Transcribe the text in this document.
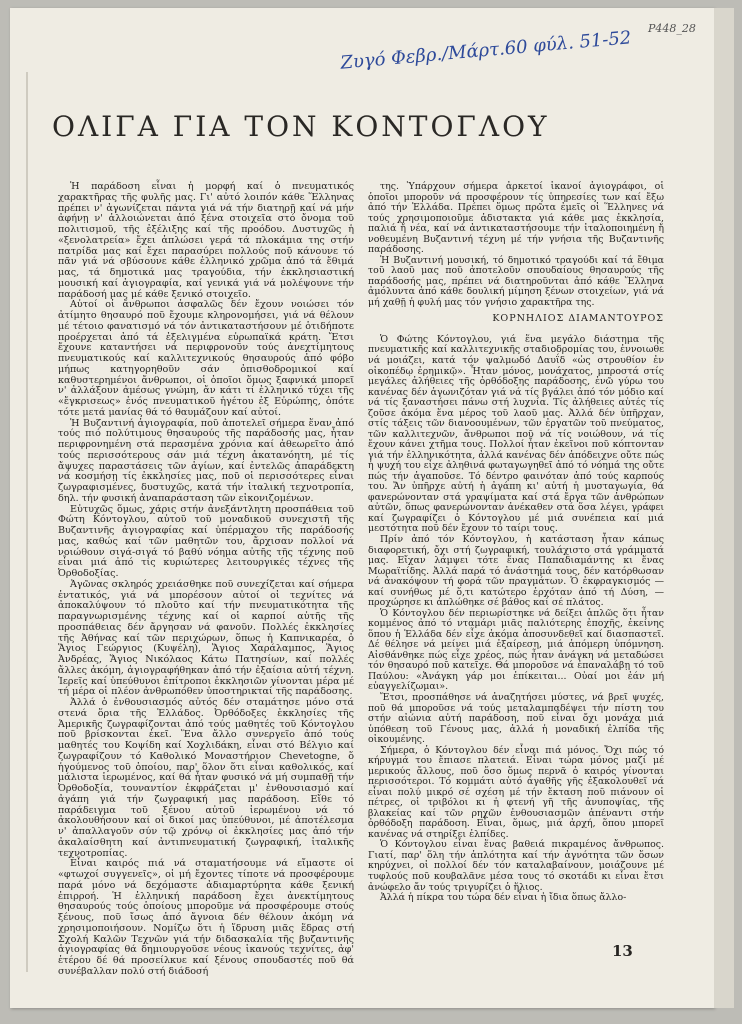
Ρ448_28
Ζυγό Φεβρ./Μάρτ.60 φύλ. 51-52
ΟΛΙΓΑ ΓΙΑ ΤΟΝ ΚΟΝΤΟΓΛΟΥ

Ἡ παράδοση εἶναι ἡ μορφή καί ὁ πνευματικός χαρακτῆρας τῆς φυλῆς μας. Γι' αὐτό λοιπόν κάθε Ἕλληνας πρέπει ν' ἀγωνίζεται πάντα γιά νά τήν διατηρῇ καί νά μήν ἀφήνῃ ν' ἀλλοιώνεται ἀπό ξένα στοιχεῖα στό ὄνομα τοῦ πολιτισμοῦ, τῆς ἐξέλιξης καί τῆς προόδου. Δυστυχῶς ἡ «ξενολατρεία» ἔχει ἁπλώσει γερά τά πλοκάμια της στήν πατρίδα μας καί ἔχει παρασύρει πολλούς ποῦ κάνουνε τό πᾶν γιά νά σβύσουνε κάθε ἑλληνικό χρῶμα ἀπό τά ἔθιμά μας, τά δημοτικά μας τραγούδια, τήν ἐκκλησιαστική μουσική καί ἁγιογραφία, καί γενικά γιά νά μολέψουνε τήν παράδοσή μας μέ κάθε ξενικό στοιχεῖο.

Αὐτοί οἱ ἄνθρωποι ἀσφαλῶς δέν ἔχουν νοιώσει τόν ἀτίμητο θησαυρό ποῦ ἔχουμε κληρονομήσει, γιά νά θέλουν μέ τέτοιο φανατισμό νά τόν ἀντικαταστήσουν μέ ὁτιδήποτε προέρχεται ἀπό τά ἐξελιγμένα εὐρωπαϊκά κράτη. Ἔτσι ἔχουνε καταντήσει νά περιφρονοῦν τούς ἀνεχτίμητους πνευματικούς καί καλλιτεχνικούς θησαυρούς ἀπό φόβο μήπως κατηγορηθοῦν σάν ὀπισθοδρομικοί καί καθυστερημένοι ἄνθρωποι, οἱ ὁποῖοι ὅμως ξαφνικά μπορεῖ ν' ἀλλάξουν ἀμέσως γνώμη, ἄν κάτι τί ἑλληνικό τύχει τῆς «ἔγκρισεως» ἑνός πνευματικοῦ ἡγέτου ἐξ Εὐρώπης, ὁπότε τότε μετά μανίας θά τό θαυμάζουν καί αὐτοί.

Ἡ Βυζαντινή ἁγιογραφία, ποῦ ἀποτελεῖ σήμερα ἕναν ἀπό τούς πιό πολύτιμους θησαυρούς τῆς παράδοσής μας, ἦταν περιφρονημένη στά περασμένα χρόνια καί ἀθεωρεῖτο ἀπό τούς περισσότερους σάν μιά τέχνη ἀκατανόητη, μέ τίς ἄψυχες παραστάσεις τῶν ἁγίων, καί ἐντελῶς ἀπαράδεκτη νά κοσμήσῃ τίς ἐκκλησίες μας, ποῦ οἱ περισσότερες εἶναι ζωγραφισμένες, δυστυχῶς, κατά τήν ἰταλική τεχνοτροπία, δηλ. τήν φυσική ἀναπαράσταση τῶν εἰκονιζομένων.

Εὐτυχῶς ὅμως, χάρις στήν ἀνεξάντλητη προσπάθεια τοῦ Φώτη Κόντογλου, αὐτοῦ τοῦ μοναδικοῦ συνεχιστῆ τῆς Βυζαντινῆς ἁγιογραφίας καί ὑπέρμαχου τῆς παράδοσής μας, καθώς καί τῶν μαθητῶν του, ἄρχισαν πολλοί νά νοιώθουν σιγά-σιγά τό βαθύ νόημα αὐτῆς τῆς τέχνης ποῦ εἶναι μιά ἀπό τίς κυριώτερες λειτουργικές τέχνες τῆς Ὀρθοδοξίας.

Ἀγῶνας σκληρός χρειάσθηκε ποῦ συνεχίζεται καί σήμερα ἐντατικός, γιά νά μπορέσουν αὐτοί οἱ τεχνίτες νά ἀποκαλύψουν τό πλοῦτο καί τήν πνευματικότητα τῆς παραγνωρισμένης τέχνης καί οἱ καρποί αὐτῆς τῆς προσπάθειας δέν ἄργησαν νά φανοῦν. Πολλές ἐκκλησίες τῆς Ἀθήνας καί τῶν περιχώρων, ὅπως ἡ Καπνικαρέα, ὁ Ἅγιος Γεώργιος (Κυψέλη), Ἅγιος Χαράλαμπος, Ἅγιος Ἀνδρέας, Ἅγιος Νικόλαος Κάτω Πατησίων, καί πολλές ἄλλες ἀκόμη, ἁγιογραφήθηκαν ἀπό τήν ἐξαίσια αὐτή τέχνη. Ἱερεῖς καί ὑπεύθυνοι ἐπίτροποι ἐκκλησιῶν γίνονται μέρα μέ τή μέρα οἱ πλέον ἀνθρωπόθεν ὑποστηρικταί τῆς παράδοσης.

Ἀλλά ὁ ἐνθουσιασμός αὐτός δέν σταμάτησε μόνο στά στενά ὅρια τῆς Ἑλλάδος. Ὀρθόδοξες ἐκκλησίες τῆς Ἀμερικῆς ζωγραφίζονται ἀπό τούς μαθητές τοῦ Κόντογλου ποῦ βρίσκονται ἐκεῖ. Ἕνα ἄλλο συνεργεῖο ἀπό τούς μαθητές του Κοψίδη καί Χοχλιδάκη, εἶναι στό Βέλγιο καί ζωγραφίζουν τό Καθολικό Μοναστήριον Chevetogne, ὅ ἡγούμενος τοῦ ὁποίου, παρ' ὅλον ὅτι εἶναι καθολικός, καί μάλιστα ἱερωμένος, καί θά ἦταν φυσικό νά μή συμπαθῇ τήν Ὀρθοδοξία, τουναντίον ἐκφράζεται μ' ἐνθουσιασμό καί ἀγάπη γιά τήν ζωγραφική μας παράδοση. Εἴθε τό παράδειγμα τοῦ ξένου αὐτοῦ ἱερωμένου νά τό ἀκολουθήσουν καί οἱ δικοί μας ὑπεύθυνοι, μέ ἀποτέλεσμα ν' ἀπαλλαγοῦν σύν τῷ χρόνῳ οἱ ἐκκλησίες μας ἀπό τήν ἀκαλαίσθητη καί ἀντιπνευματική ζωγραφική, ἰταλικῆς τεχνοτροπίας.

Εἶναι καιρός πιά νά σταματήσουμε νά εἴμαστε οἱ «φτωχοί συγγενεῖς», οἱ μή ἔχοντες τίποτε νά προσφέρουμε παρά μόνο νά δεχόμαστε ἀδιαμαρτύρητα κάθε ξενική ἐπιρροή. Ἡ ἑλληνική παράδοση ἔχει ἀνεκτίμητους θησαυρούς τούς ὁποίους μποροῦμε νά προσφέρουμε στούς ξένους, ποῦ ἴσως ἀπό ἄγνοια δέν θέλουν ἀκόμη νά χρησιμοποιήσουν. Νομίζω ὅτι ἡ ἵδρυση μιᾶς ἕδρας στή Σχολή Καλῶν Τεχνῶν γιά τήν διδασκαλία τῆς βυζαντινῆς ἁγιογραφίας θά δημιουργοῦσε νέους ἱκανούς τεχνίτες, ἀφ' ἑτέρου δέ θά προσείλκυε καί ξένους σπουδαστές ποῦ θά συνέβαλλαν πολύ στή διάδοσή

της. Ὑπάρχουν σήμερα ἀρκετοί ἱκανοί ἁγιογράφοι, οἱ ὁποῖοι μποροῦν νά προσφέρουν τίς ὑπηρεσίες των καί ἔξω ἀπό τήν Ἑλλάδα. Πρέπει ὅμως πρῶτα ἐμεῖς οἱ Ἕλληνες νά τούς χρησιμοποιοῦμε ἀδιστακτα γιά κάθε μας ἐκκλησία, παλιά ἤ νέα, καί νά ἀντικαταστήσουμε τήν ἰταλοποιημένη ἤ νοθευμένη Βυζαντινή τέχνη μέ τήν γνήσια τῆς Βυζαντινῆς παράδοσης.

Ἡ Βυζαντινή μουσική, τό δημοτικό τραγούδι καί τά ἔθιμα τοῦ λαοῦ μας ποῦ ἀποτελοῦν σπουδαίους θησαυρούς τῆς παράδοσής μας, πρέπει νά διατηροῦνται ἀπό κάθε Ἕλληνα ἀμόλυντα ἀπό κάθε δουλική μίμηση ξένων στοιχείων, γιά νά μή χαθῇ ἡ φυλή μας τόν γνήσιο χαρακτῆρα της.

ΚΟΡΝΗΛΙΟΣ ΔΙΑΜΑΝΤΟΥΡΟΣ

Ὁ Φώτης Κόντογλου, γιά ἕνα μεγάλο διάστημα τῆς πνευματικῆς καί καλλιτεχνικῆς σταδιοδρομίας του, ἐννοιωθε νά μοιάζει, κατά τόν ψαλμωδό Δαυΐδ «ὡς στρουθίον ἐν οἰκοπέδῳ ἐρημικῷ». Ἦταν μόνος, μονάχατος, μπροστά στίς μεγάλες ἀλήθειες τῆς ὀρθόδοξης παράδοσης, ἐνῶ γύρω του κανένας δέν ἀγωνιζόταν γιά νά τίς βγάλει ἀπό τόν μόδιο καί νά τίς ξαναστήσει πάνω στή λυχνία. Τίς ἀλήθειες αὐτές τίς ζοῦσε ἀκόμα ἕνα μέρος τοῦ λαοῦ μας. Ἀλλά δέν ὑπῆρχαν, στίς τάξεις τῶν διανοουμένων, τῶν ἐργατῶν τοῦ πνεύματος, τῶν καλλιτεχνῶν, ἄνθρωποι ποῦ νά τίς νοιώθουν, νά τίς ἔχουν κάνει χτῆμα τους. Πολλοί ἦταν ἐκεῖνοι ποῦ κόπτονταν γιά τήν ἑλληνικότητα, ἀλλά κανένας δέν ἀπόδειχνε οὔτε πώς ἡ ψυχή του εἶχε ἀληθινά φωταγωγηθεῖ ἀπό τό νόημά της οὔτε πώς τήν ἀγαποῦσε. Τό δέντρο φαινόταν ἀπό τούς καρπούς του. Ἄν ὑπῆρχε αὐτή ἡ ἀγάπη κι' αὐτή ἡ μυσταγωγία, θά φανερώνονταν στά γραψίματα καί στά ἔργα τῶν ἀνθρώπων αὐτῶν, ὅπως φανερώνονταν ἀνέκαθεν στά ὅσα λέγει, γράφει καί ζωγραφίζει ὁ Κόντογλου μέ μιά συνέπεια καί μιά μεστότητα ποῦ δέν ἔχουν τό ταίρι τους.

Πρίν ἀπό τόν Κόντογλου, ἡ κατάσταση ἦταν κάπως διαφορετική, ὄχι στή ζωγραφική, τουλάχιστο στά γράμματά μας. Εἴχαν λάμψει τότε ἕνας Παπαδιαμάντης κι ἕνας Μωραϊτίδης. Ἀλλά παρά τό ἀνάστημά τους, δέν κατόρθωσαν νά ἀνακόψουν τή φορά τῶν πραγμάτων. Ὁ ἐκφραγκισμός — καί συνήθως μέ ὅ,τι κατώτερο ἐρχόταν ἀπό τή Δύση, — προχώρησε κι ἁπλώθηκε σέ βάθος καί σέ πλάτος.

Ὁ Κόντογλου δέν περιωρίστηκε νά δείξει ἁπλῶς ὅτι ἦταν κομμένος ἀπό τό νταμάρι μιᾶς παλιότερης ἐποχῆς, ἐκείνης ὅπου ἡ Ἑλλάδα δέν εἶχε ἀκόμα ἀποσυνδεθεῖ καί διασπαστεῖ. Δέ θέλησε νά μείνει μιά ἐξαίρεση, μιά ἀπόμερη ὑπόμνηση. Αἰσθάνθηκε πώς εἶχε χρέος, πώς ἦταν ἀνάγκη νά μεταδώσει τόν θησαυρό ποῦ κατεῖχε. Θά μποροῦσε νά ἐπαναλάβῃ τό τοῦ Παύλου: «Ἀνάγκη γάρ μοι ἐπίκειται... Οὐαί μοι ἐάν μή εὐαγγελίζωμαι».

Ἔτσι, προσπάθησε νά ἀναζητήσει μύστες, νά βρεῖ ψυχές, ποῦ θά μποροῦσε νά τούς μεταλαμπαδέψει τήν πίστη του στήν αἰώνια αὐτή παράδοση, ποῦ εἶναι ὄχι μονάχα μιά ὑπόθεση τοῦ Γένους μας, ἀλλά ἡ μοναδική ἐλπίδα τῆς οἰκουμένης.

Σήμερα, ὁ Κόντογλου δέν εἶναι πιά μόνος. Ὄχι πώς τό κήρυγμά του ἔπιασε πλατειά. Εἶναι τώρα μόνος μαζί μέ μερικούς ἄλλους, ποῦ ὅσο ὅμως περνᾶ ὁ καιρός γίνονται περισσότεροι. Τό κομμάτι αὐτό ἀγαθῆς γῆς ἐξακολουθεῖ νά εἶναι πολύ μικρό σέ σχέση μέ τήν ἔκταση ποῦ πιάνουν οἱ πέτρες, οἱ τριβόλοι κι ἡ φτενή γῆ τῆς ἀνυποψίας, τῆς βλακείας καί τῶν ρηχῶν ἐνθουσιασμῶν ἀπέναντι στήν ὀρθόδοξη παράδοση. Εἶναι, ὅμως, μιά ἀρχή, ὅπου μπορεῖ κανένας νά στηρίξει ἐλπίδες.

Ὁ Κόντογλου εἶναι ἕνας βαθειά πικραμένος ἄνθρωπος. Γιατί, παρ' ὅλη τήν ἁπλότητα καί τήν ἀγνότητα τῶν ὅσων κηρύχνει, οἱ πολλοί δέν τόν καταλαβαίνουν, μοιάζουνε μέ τυφλούς ποῦ κουβαλᾶνε μέσα τους τό σκοτάδι κι εἶναι ἔτσι ἀνώφελο ἄν τούς τριγυρίζει ὁ ἥλιος.

Ἀλλά ἡ πίκρα του τώρα δέν εἶναι ἡ ἴδια ὅπως ἄλλο-

13
